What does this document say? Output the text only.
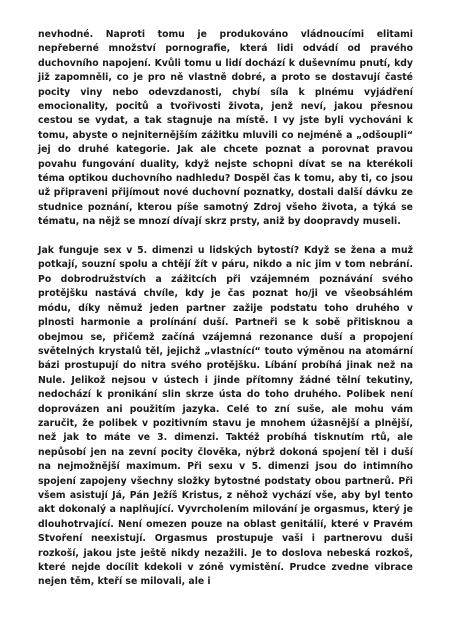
nevhodné. Naproti tomu je produkováno vládnoucími elitami nepřeberné množství pornografie, která lidi odvádí od pravého duchovního napojení. Kvůli tomu u lidí dochází k duševnímu pnutí, kdy již zapomněli, co je pro ně vlastně dobré, a proto se dostavují časté pocity viny nebo odevzdanosti, chybí síla k plnému vyjádření emocionality, pocitů a tvořivosti života, jenž neví, jakou přesnou cestou se vydat, a tak stagnuje na místě. I vy jste byli vychováni k tomu, abyste o nejniternějším zážitku mluvili co nejméně a „odšoupli“ jej do druhé kategorie. Jak ale chcete poznat a porovnat pravou povahu fungování duality, když nejste schopni dívat se na kterékoli téma optikou duchovního nadhledu? Dospěl čas k tomu, aby ti, co jsou už připraveni přijímout nové duchovní poznatky, dostali další dávku ze studnice poznání, kterou píše samotný Zdroj všeho života, a týká se tématu, na nějž se mnozí dívají skrz prsty, aniž by doopravdy museli.

Jak funguje sex v 5. dimenzi u lidských bytostí? Když se žena a muž potkají, souzní spolu a chtějí žít v páru, nikdo a nic jim v tom nebrání. Po dobrodružstvích a zážitcích při vzájemném poznávání svého protějšku nastává chvíle, kdy je čas poznat ho/ji ve všeobsáhlém módu, díky němuž jeden partner zažije podstatu toho druhého v plnosti harmonie a prolínání duší. Partneři se k sobě přitisknou a obejmou se, přičemž začíná vzájemná rezonance duší a propojení světelných krystalů těl, jejichž „vlastnící“ touto výměnou na atomární bázi prostupují do nitra svého protějšku. Líbání probíhá jinak než na Nule. Jelikož nejsou v ústech i jinde přítomny žádné tělní tekutiny, nedochází k pronikání slin skrze ústa do toho druhého. Polibek není doprovázen ani použitím jazyka. Celé to zní suše, ale mohu vám zaručit, že polibek v pozitivním stavu je mnohem úžasnější a plnější, než jak to máte ve 3. dimenzi. Taktéž probíhá tisknutím rtů, ale nepůsobí jen na zevní pocity člověka, nýbrž dokoná spojení těl i duší na nejmožnější maximum. Při sexu v 5. dimenzi jsou do intimního spojení zapojeny všechny složky bytostné podstaty obou partnerů. Při všem asistují Já, Pán Ježíš Kristus, z něhož vychází vše, aby byl tento akt dokonalý a naplňující. Vyvrcholením milování je orgasmus, který je dlouhotrvající. Není omezen pouze na oblast genitálií, které v Pravém Stvoření neexistují. Orgasmus prostupuje vaši i partnerovu duši rozkoší, jakou jste ještě nikdy nezažili. Je to doslova nebeská rozkoš, které nejde docílit kdekoli v zóně vymistění. Prudce zvedne vibrace nejen těm, kteří se milovali, ale i
